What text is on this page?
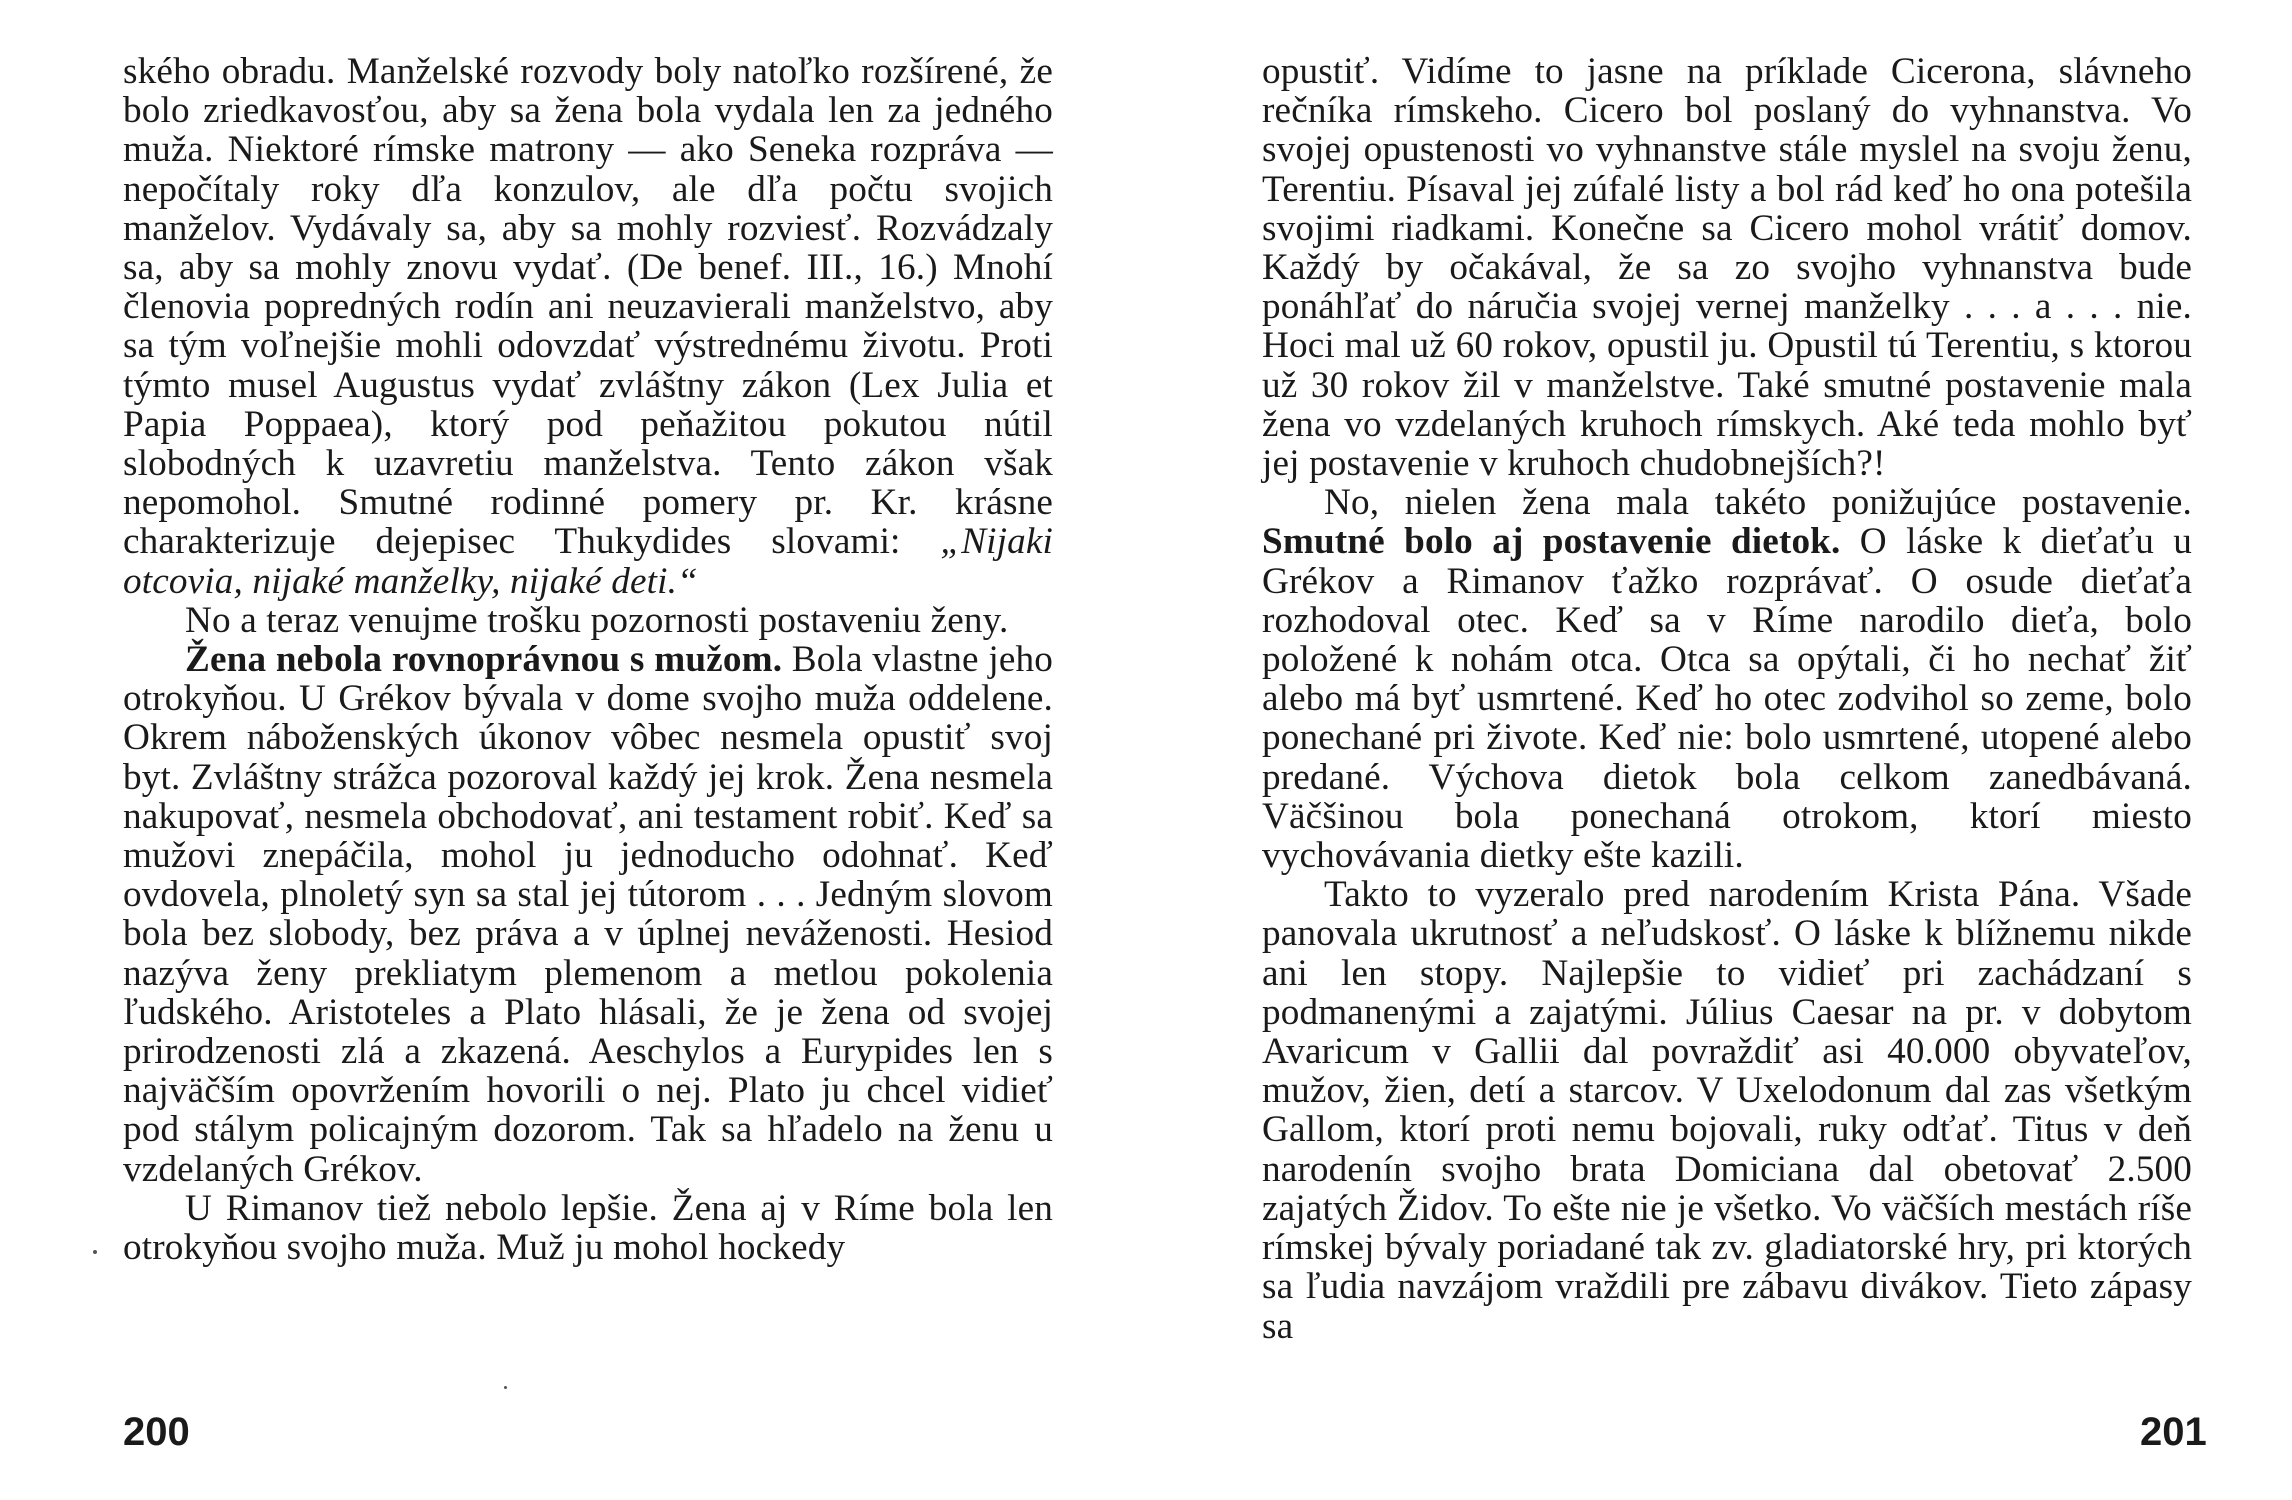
ského obradu. Manželské rozvody boly natoľko rozšírené, že bolo zriedkavosťou, aby sa žena bola vydala len za jedného muža. Niektoré rímske matrony — ako Seneka rozpráva — nepočítaly roky dľa konzulov, ale dľa počtu svojich manželov. Vydávaly sa, aby sa mohly rozviesť. Rozvádzaly sa, aby sa mohly znovu vydať. (De benef. III., 16.) Mnohí členovia popredných rodín ani neuzavierali manželstvo, aby sa tým voľnejšie mohli odovzdať výstrednému životu. Proti týmto musel Augustus vydať zvláštny zákon (Lex Julia et Papia Poppaea), ktorý pod peňažitou pokutou nútil slobodných k uzavretiu manželstva. Tento zákon však nepomohol. Smutné rodinné pomery pr. Kr. krásne charakterizuje dejepisec Thukydides slovami: „Nijaki otcovia, nijaké manželky, nijaké deti.“

No a teraz venujme trošku pozornosti postaveniu ženy.

Žena nebola rovnoprávnou s mužom. Bola vlastne jeho otrokyňou. U Grékov bývala v dome svojho muža oddelene. Okrem náboženských úkonov vôbec nesmela opustiť svoj byt. Zvláštny strážca pozoroval každý jej krok. Žena nesmela nakupovať, nesmela obchodovať, ani testament robiť. Keď sa mužovi znepáčila, mohol ju jednoducho odohnať. Keď ovdovela, plnoletý syn sa stal jej tútorom . . . Jedným slovom bola bez slobody, bez práva a v úplnej neváženosti. Hesiod nazýva ženy prekliatym plemenom a metlou pokolenia ľudského. Aristoteles a Plato hlásali, že je žena od svojej prirodzenosti zlá a zkazená. Aeschylos a Eurypides len s najväčším opovržením hovorili o nej. Plato ju chcel vidieť pod stálym policajným dozorom. Tak sa hľadelo na ženu u vzdelaných Grékov.

U Rimanov tiež nebolo lepšie. Žena aj v Ríme bola len otrokyňou svojho muža. Muž ju mohol hockedy

opustiť. Vidíme to jasne na príklade Cicerona, slávneho rečníka rímskeho. Cicero bol poslaný do vyhnanstva. Vo svojej opustenosti vo vyhnanstve stále myslel na svoju ženu, Terentiu. Písaval jej zúfalé listy a bol rád keď ho ona potešila svojimi riadkami. Konečne sa Cicero mohol vrátiť domov. Každý by očakával, že sa zo svojho vyhnanstva bude ponáhľať do náručia svojej vernej manželky . . . a . . . nie. Hoci mal už 60 rokov, opustil ju. Opustil tú Terentiu, s ktorou už 30 rokov žil v manželstve. Také smutné postavenie mala žena vo vzdelaných kruhoch rímskych. Aké teda mohlo byť jej postavenie v kruhoch chudobnejších?!

No, nielen žena mala takéto ponižujúce postavenie. Smutné bolo aj postavenie dietok. O láske k dieťaťu u Grékov a Rimanov ťažko rozprávať. O osude dieťaťa rozhodoval otec. Keď sa v Ríme narodilo dieťa, bolo položené k nohám otca. Otca sa opýtali, či ho nechať žiť alebo má byť usmrtené. Keď ho otec zodvihol so zeme, bolo ponechané pri živote. Keď nie: bolo usmrtené, utopené alebo predané. Výchova dietok bola celkom zanedbávaná. Väčšinou bola ponechaná otrokom, ktorí miesto vychovávania dietky ešte kazili.

Takto to vyzeralo pred narodením Krista Pána. Všade panovala ukrutnosť a neľudskosť. O láske k blížnemu nikde ani len stopy. Najlepšie to vidieť pri zachádzaní s podmanenými a zajatými. Július Caesar na pr. v dobytom Avaricum v Gallii dal povraždiť asi 40.000 obyvateľov, mužov, žien, detí a starcov. V Uxelodonum dal zas všetkým Gallom, ktorí proti nemu bojovali, ruky odťať. Titus v deň narodenín svojho brata Domiciana dal obetovať 2.500 zajatých Židov. To ešte nie je všetko. Vo väčších mestách ríše rímskej bývaly poriadané tak zv. gladiatorské hry, pri ktorých sa ľudia navzájom vraždili pre zábavu divákov. Tieto zápasy sa

200	201
